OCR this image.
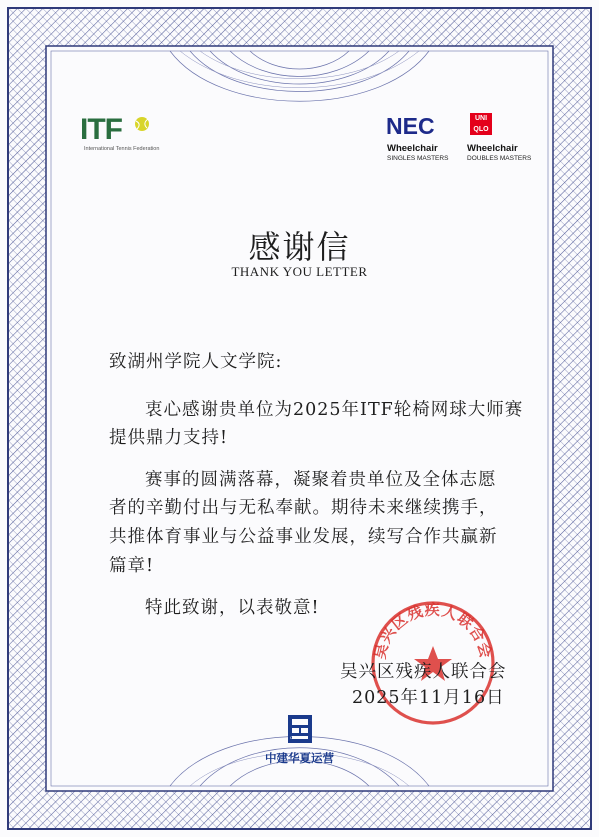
ITF
International Tennis Federation
NEC
Wheelchair
SINGLES MASTERS
UNI
QLO
Wheelchair
DOUBLES MASTERS
感谢信
THANK YOU LETTER
致湖州学院人文学院:
衷心感谢贵单位为2025年ITF轮椅网球大师赛
提供鼎力支持!
赛事的圆满落幕，凝聚着贵单位及全体志愿
者的辛勤付出与无私奉献。期待未来继续携手，
共推体育事业与公益事业发展，续写合作共赢新
篇章!
特此致谢，以表敬意!
吴兴区残疾人联合会
吴兴区残疾人联合会
2025年11月16日
CSCEC
中建华夏运营
